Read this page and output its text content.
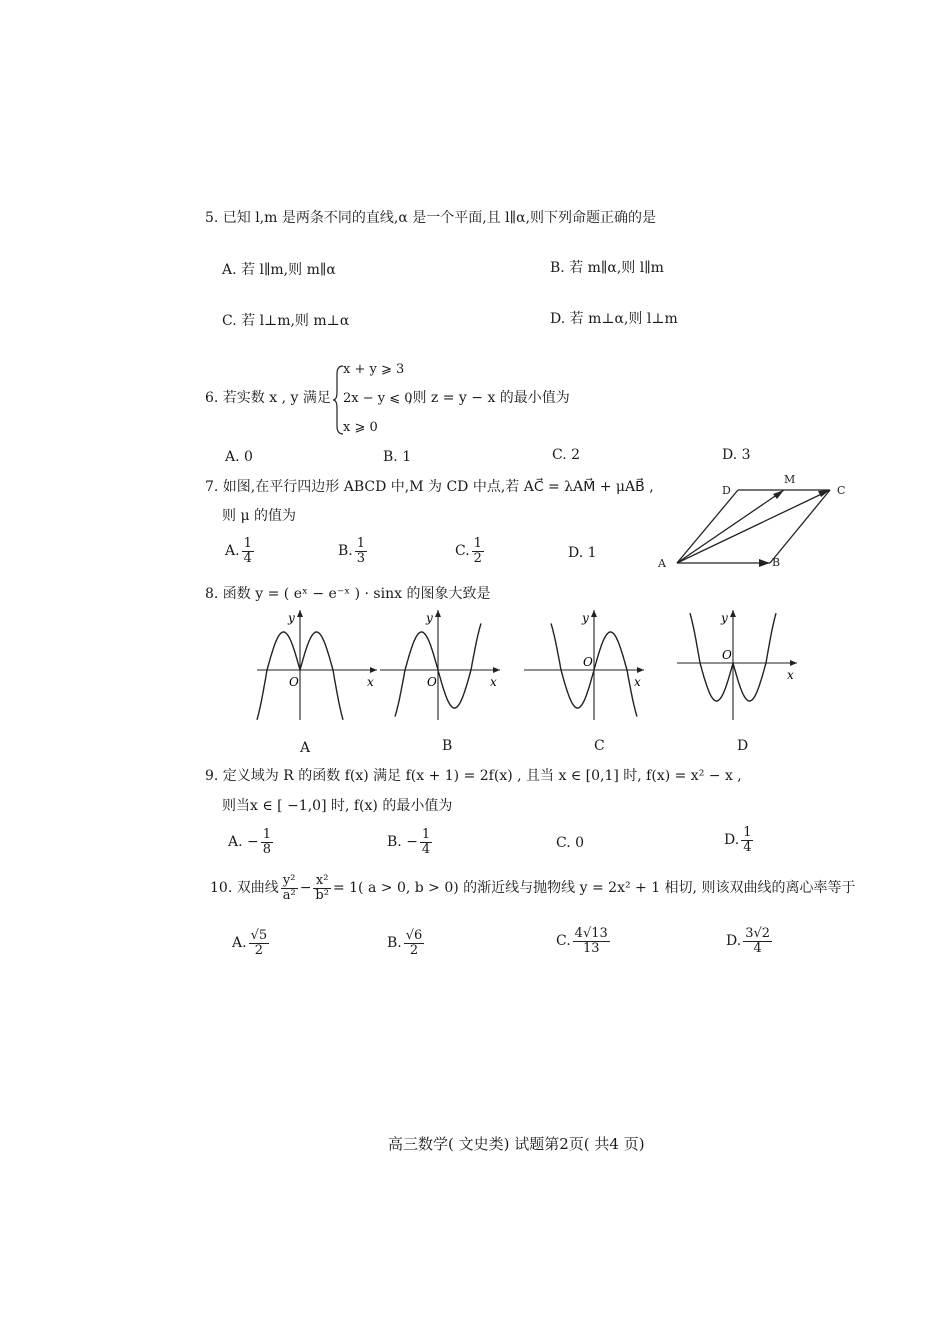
5. 已知 l,m 是两条不同的直线,α 是一个平面,且 l∥α,则下列命题正确的是
A. 若 l∥m,则 m∥α	B. 若 m∥α,则 l∥m
C. 若 l⊥m,则 m⊥α	D. 若 m⊥α,则 l⊥m
6. 若实数 x , y 满足
x + y ⩾ 3
2x − y ⩽ 0
x ⩾ 0
,则 z = y − x 的最小值为
A. 0	B. 1	C. 2	D. 3
7. 如图,在平行四边形 ABCD 中,M 为 CD 中点,若 AC⃗ = λAM⃗ + μAB⃗ ,
则 μ 的值为
A. $\frac{1}{4}$	B. $\frac{1}{3}$	C. $\frac{1}{2}$	D. 1
D
M
C
A	B
8. 函数 y = ( eˣ − e⁻ˣ ) · sinx 的图象大致是
y
x
O
y
x
O
y
x
O
y
x
O
A	B	C	D
9. 定义域为 R 的函数 f(x) 满足 f(x + 1) = 2f(x) , 且当 x ∈ [0,1] 时, f(x) = x² − x ,
则当x ∈ [ −1,0] 时, f(x) 的最小值为
A. − $\frac{1}{8}$	B. − $\frac{1}{4}$	C. 0	D. $\frac{1}{4}$
10. 双曲线 $\frac{\text{y²}}{\text{a²}} - \frac{\text{x²}}{\text{b²}} = 1$( a > 0, b > 0) 的渐近线与抛物线 y = 2x² + 1 相切, 则该双曲线的离心率等于
A. $\frac{√5}{2}$	B. $\frac{√6}{2}$	C. $\frac{4√13}{13}$	D. $\frac{3√2}{4}$
高三数学( 文史类) 试题第2页( 共4 页)
